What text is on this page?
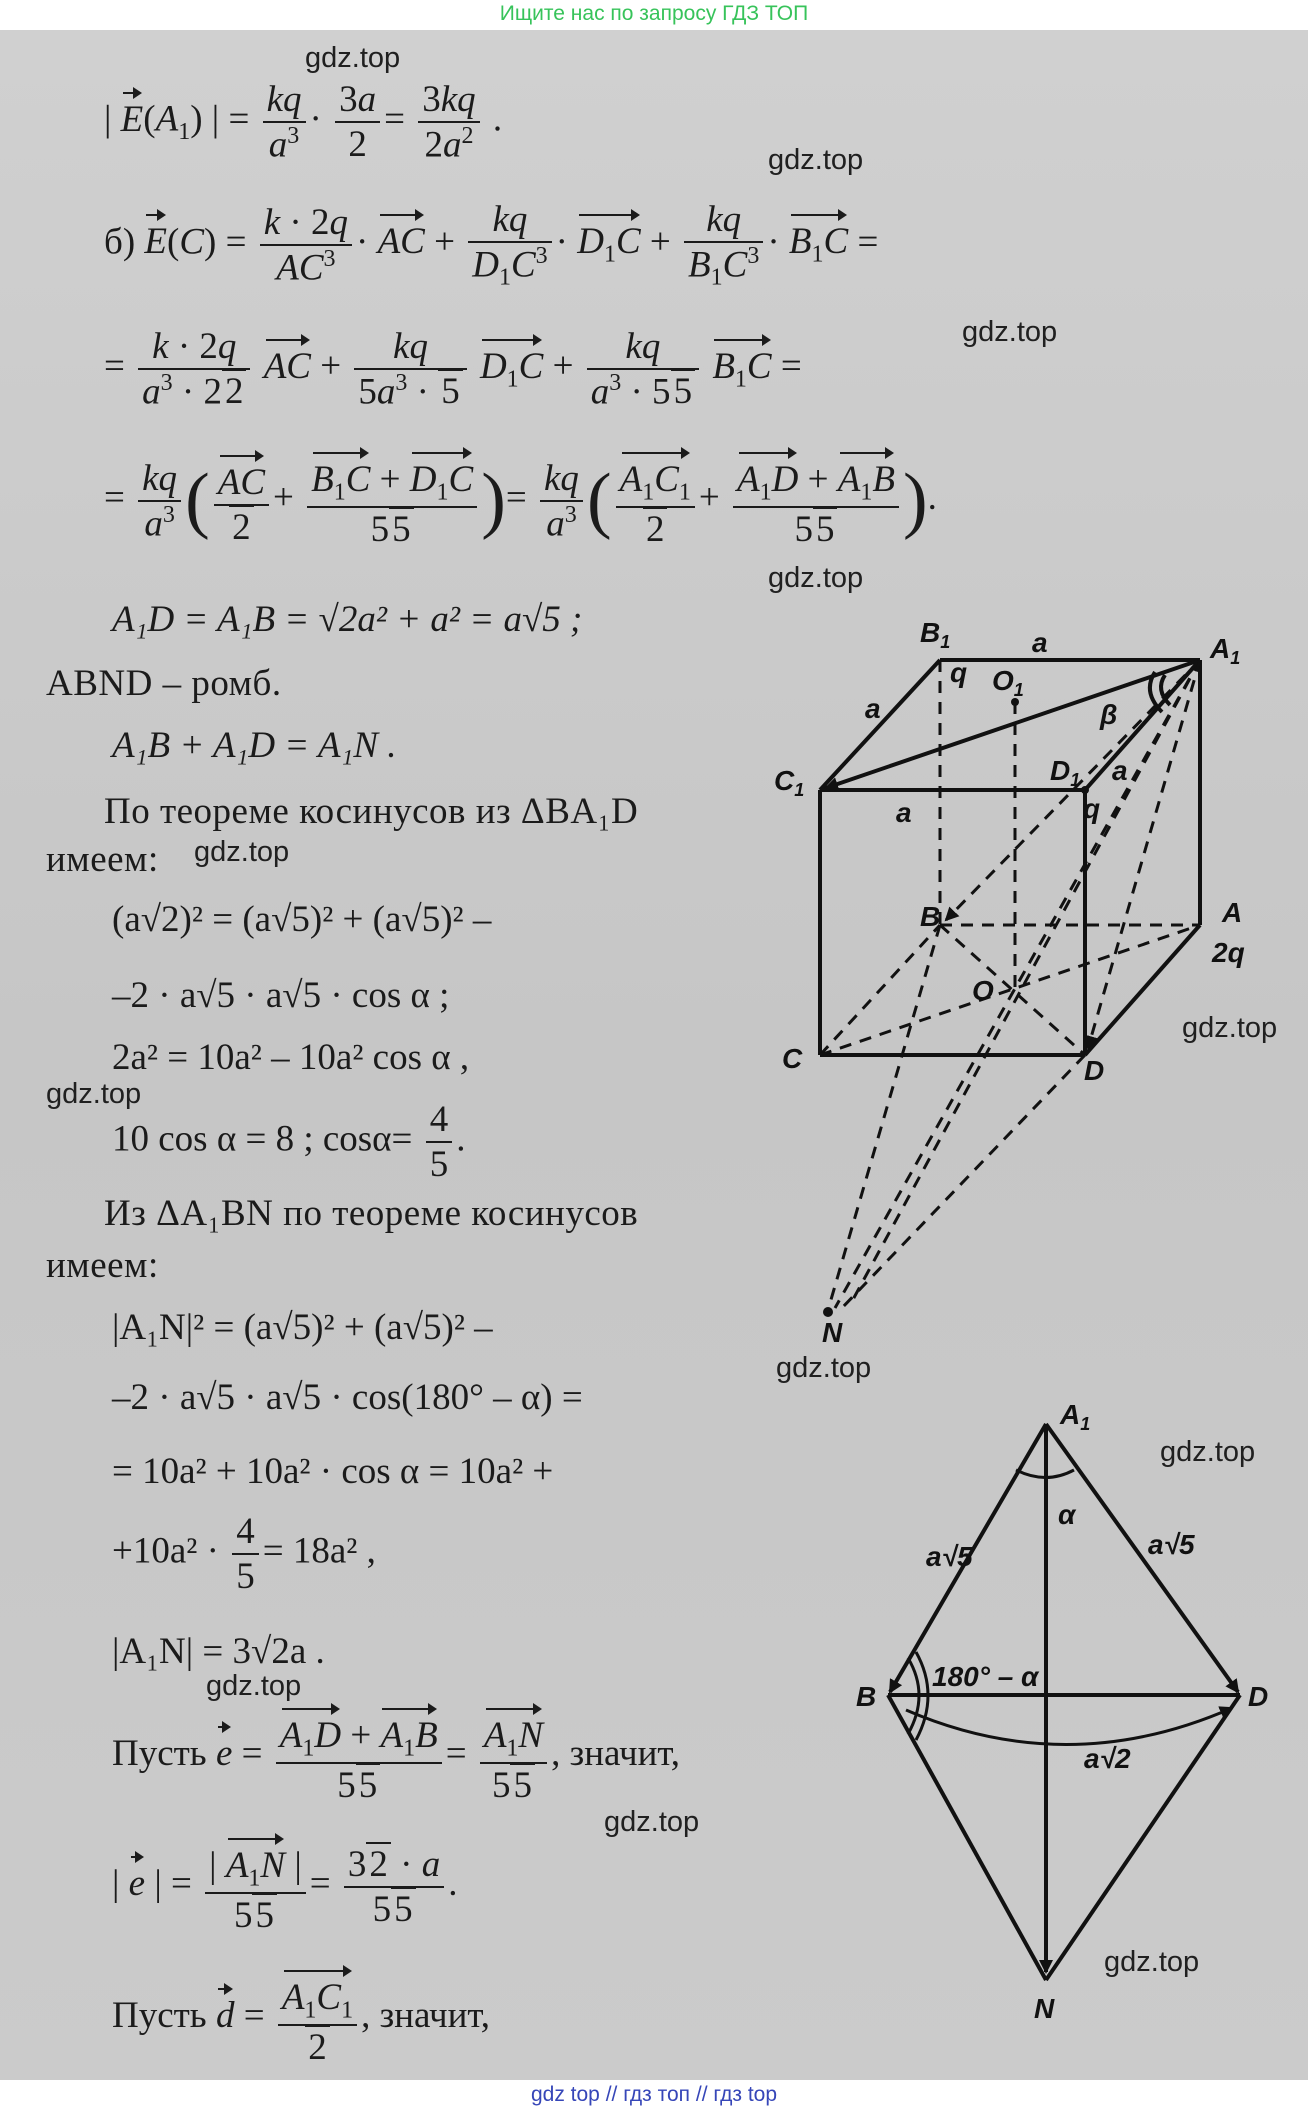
Ищите нас по запросу ГДЗ ТОП
gdz.top
gdz.top
gdz.top
gdz.top
gdz.top
gdz.top
gdz.top
gdz.top
gdz.top
gdz.top
gdz.top
gdz.top
| $E(A_1)$ | = $\frac{kq}{a^3} \cdot \frac{3a}{2} = \frac{3kq}{2a^2}$ .
б) $E(C) = \frac{k \cdot 2q}{AC^3}$ · AC + $\frac{kq}{D_1C^3} \cdot D_1C + \frac{kq}{B_1C^3} \cdot B_1C$ =
= $\frac{k \cdot 2q}{a^3 \cdot 22}$ AC + $\frac{kq}{5a^3 \cdot 5} D_1C + \frac{kq}{a^3 \cdot 55} B_1C$ =
= $\frac{kq}{a^3}$ ( $\frac{AC}{2} + \frac{B_1C + D_1C}{55}$ )= $\frac{kq}{a^3}$ ( $\frac{A_1C_1}{2} + \frac{A_1D + A_1B}{55}$ ).
A₁D = A₁B = √2a² + a² = a√5 ;
ABND – ромб.
A₁B + A₁D = A₁N .
По теореме косинусов из ΔBA₁D
имеем:
(a√2)² = (a√5)² + (a√5)² –
–2 · a√5 · a√5 · cos α ;
2a² = 10a² – 10a² cos α ,
10 cos α = 8 ; $\cos\alpha= \frac{4}{5}$ .
Из ΔA₁BN по теореме косинусов
имеем:
|A₁N|² = (a√5)² + (a√5)² –
–2 · a√5 · a√5 · cos(180° – α) =
= 10a² + 10a² · cos α = 10a² +
$+10a^2 \cdot \frac{4}{5} = 18a^2$ ,
|A₁N| = 3√2a .
Пусть $e = \frac{A_1D + A_1B}{55} = \frac{A_1N}{55}$ , значит,
| e | = $\frac{| A_1N |}{55} = \frac{32 \cdot a}{55}$ .
Пусть $d = \frac{A_1C_1}{2}$ , значит,
$B_1$	$A_1$
$O_1$
$C_1$
$D_1$
B	A
2q
O
C	D
N
a
a
a
a
q
q
β
$A_1$
B	D
N
a√5	a√5
α
180° – α
a√2
gdz top // гдз топ // гдз top
